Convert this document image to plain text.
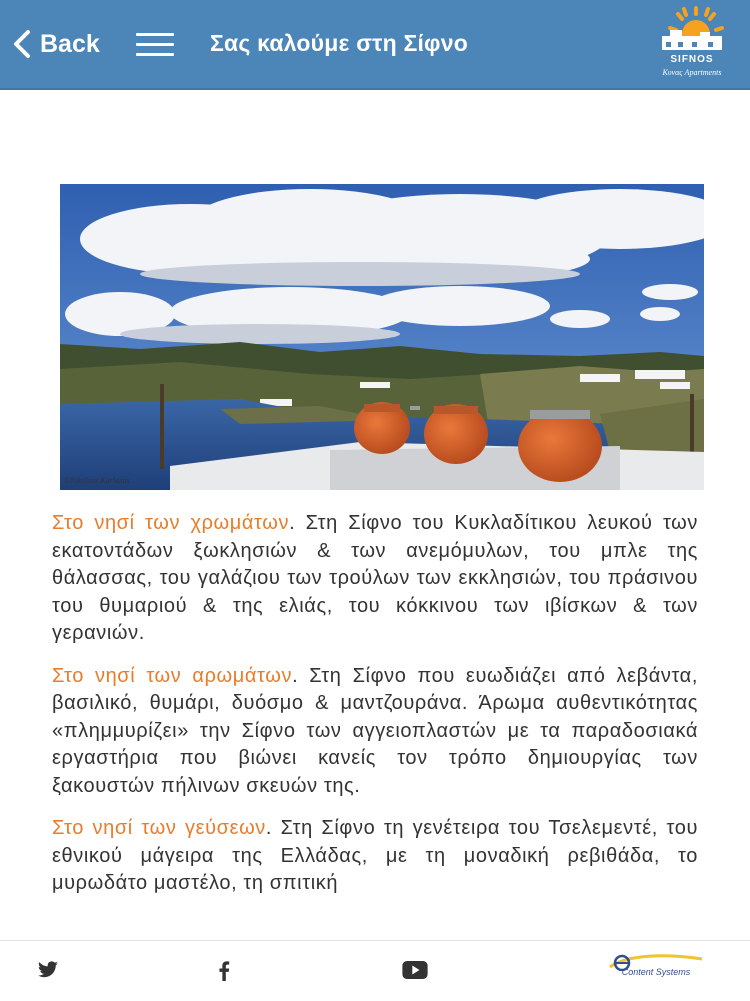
Back	Σας καλούμε στη Σίφνο
SIFNOS
Κυνας Apartments
©Νikolaos Karlaxas

Στο νησί των χρωμάτων. Στη Σίφνο του Κυκλαδίτικου λευκού των εκατοντάδων ξωκλησιών & των ανεμόμυλων, του μπλε της θάλασσας, του γαλάζιου των τρούλων των εκκλησιών, του πράσινου του θυμαριού & της ελιάς, του κόκκινου των ιβίσκων & των γερανιών.

Στο νησί των αρωμάτων. Στη Σίφνο που ευωδιάζει από λεβάντα, βασιλικό, θυμάρι, δυόσμο & μαντζουράνα. Άρωμα αυθεντικότητας «πλημμυρίζει» την Σίφνο των αγγειοπλαστών με τα παραδοσιακά εργαστήρια που βιώνει κανείς τον τρόπο δημιουργίας των ξακουστών πήλινων σκευών της.

Στο νησί των γεύσεων. Στη Σίφνο τη γενέτειρα του Τσελεμεντέ, του εθνικού μάγειρα της Ελλάδας, με τη μοναδική ρεβιθάδα, το μυρωδάτο μαστέλο, τη σπιτική

Content Systems
